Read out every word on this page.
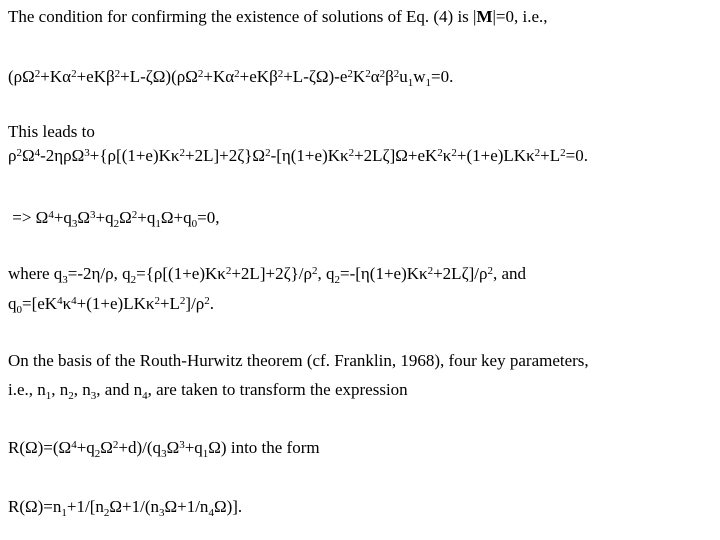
The condition for confirming the existence of solutions of Eq. (4) is |M|=0, i.e.,
$(\rho\Omega^2+K\alpha^2+eK\beta^2+L-\zeta\Omega)(\rho\Omega^2+K\alpha^2+eK\beta^2+L-\zeta\Omega)-e^2K^2\alpha^2\beta^2u_1w_1=0$.
This leads to
$\rho^2\Omega^4-2\eta\rho\Omega^3+\{\rho[(1+e)K\kappa^2+2L]+2\zeta\}\Omega^2-[\eta(1+e)K\kappa^2+2L\zeta]\Omega+eK^2\kappa^2+(1+e)LK\kappa^2+L^2=0$.
=> $\Omega^4+q_3\Omega^3+q_2\Omega^2+q_1\Omega+q_0=0$,
where $q_3=-2\eta/\rho$, $q_2=\{\rho[(1+e)K\kappa^2+2L]+2\zeta\}/\rho^2$, $q_2=-[\eta(1+e)K\kappa^2+2L\zeta]/\rho^2$, and
$q_0=[eK^4\kappa^4+(1+e)LK\kappa^2+L^2]/\rho^2$.
On the basis of the Routh-Hurwitz theorem (cf. Franklin, 1968), four key parameters,
i.e., $n_1$, $n_2$, $n_3$, and $n_4$, are taken to transform the expression
$R(\Omega)=(\Omega^4+q_2\Omega^2+d)/(q_3\Omega^3+q_1\Omega)$ into the form
$R(\Omega)=n_1+1/[n_2\Omega+1/(n_3\Omega+1/n_4\Omega)]$.
